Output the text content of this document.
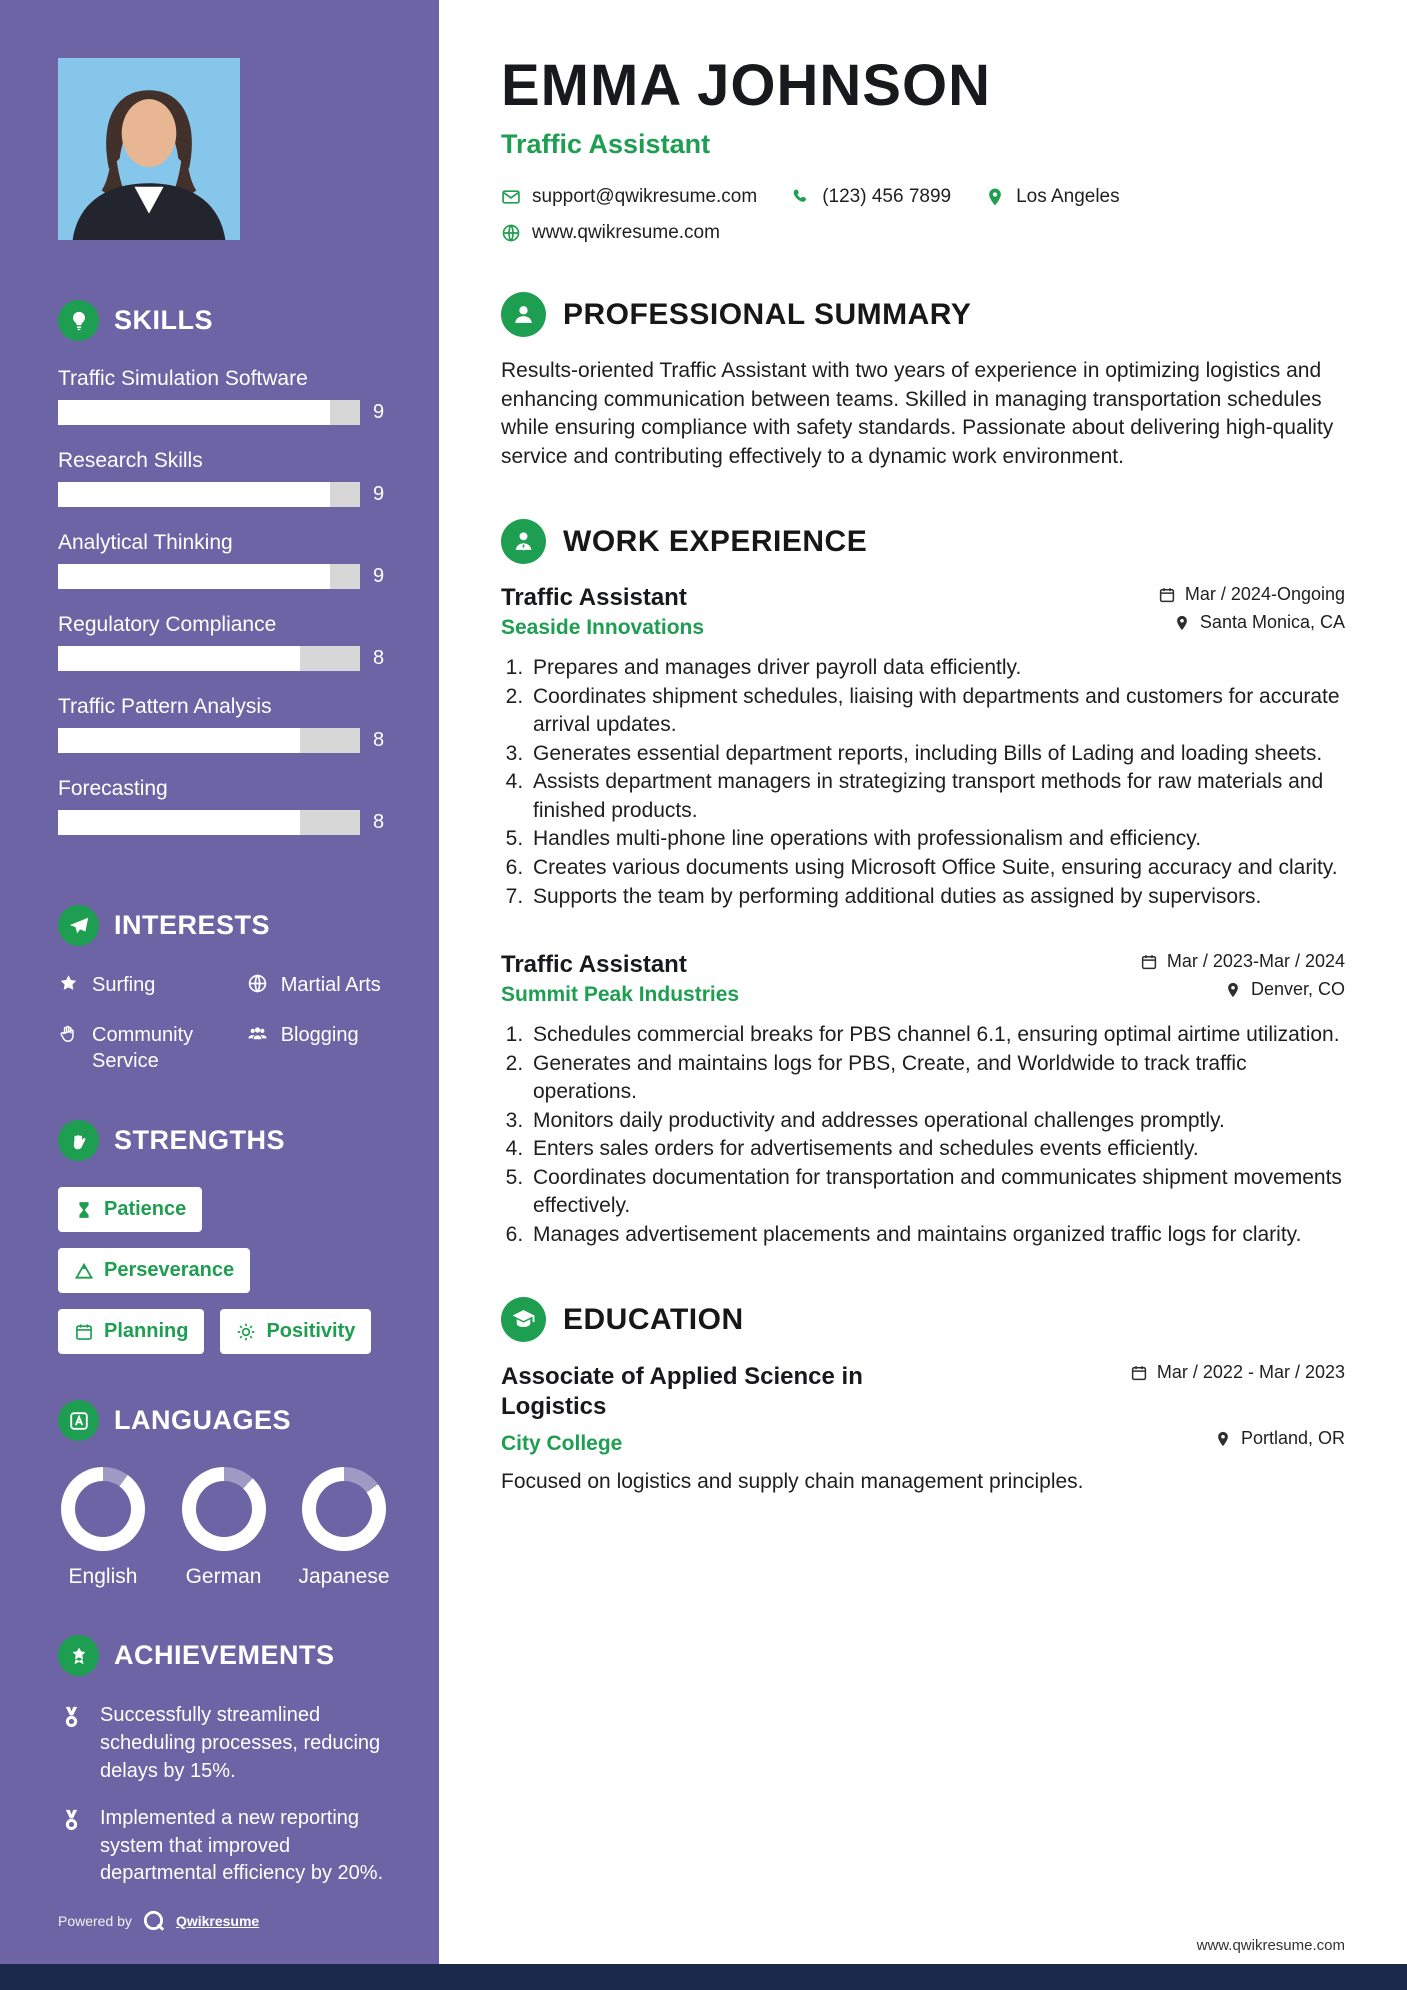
SKILLS
Traffic Simulation Software
9
Research Skills
9
Analytical Thinking
9
Regulatory Compliance
8
Traffic Pattern Analysis
8
Forecasting
8
INTERESTS
Surfing	Martial Arts
Community Service
Blogging
STRENGTHS
Patience
Perseverance
Planning	Positivity
LANGUAGES
English German Japanese
ACHIEVEMENTS
Successfully streamlined scheduling processes, reducing delays by 15%.
Implemented a new reporting system that improved departmental efficiency by 20%.
Powered by	Qwikresume
EMMA JOHNSON
Traffic Assistant
support@qwikresume.com	(123) 456 7899	Los Angeles
www.qwikresume.com
PROFESSIONAL SUMMARY

Results-oriented Traffic Assistant with two years of experience in optimizing logistics and enhancing communication between teams. Skilled in managing transportation schedules while ensuring compliance with safety standards. Passionate about delivering high-quality service and contributing effectively to a dynamic work environment.

WORK EXPERIENCE
Traffic Assistant	Mar / 2024-Ongoing
Seaside Innovations	Santa Monica, CA
1. Prepares and manages driver payroll data efficiently.
2. Coordinates shipment schedules, liaising with departments and customers for accurate arrival updates.
3. Generates essential department reports, including Bills of Lading and loading sheets.
4. Assists department managers in strategizing transport methods for raw materials and finished products.
5. Handles multi-phone line operations with professionalism and efficiency.
6. Creates various documents using Microsoft Office Suite, ensuring accuracy and clarity.
7. Supports the team by performing additional duties as assigned by supervisors.
Traffic Assistant	Mar / 2023-Mar / 2024
Summit Peak Industries	Denver, CO
1. Schedules commercial breaks for PBS channel 6.1, ensuring optimal airtime utilization.
2. Generates and maintains logs for PBS, Create, and Worldwide to track traffic operations.
3. Monitors daily productivity and addresses operational challenges promptly.
4. Enters sales orders for advertisements and schedules events efficiently.
5. Coordinates documentation for transportation and communicates shipment movements effectively.
6. Manages advertisement placements and maintains organized traffic logs for clarity.
EDUCATION
Associate of Applied Science in Logistics
Mar / 2022 - Mar / 2023
City College	Portland, OR

Focused on logistics and supply chain management principles.

www.qwikresume.com
